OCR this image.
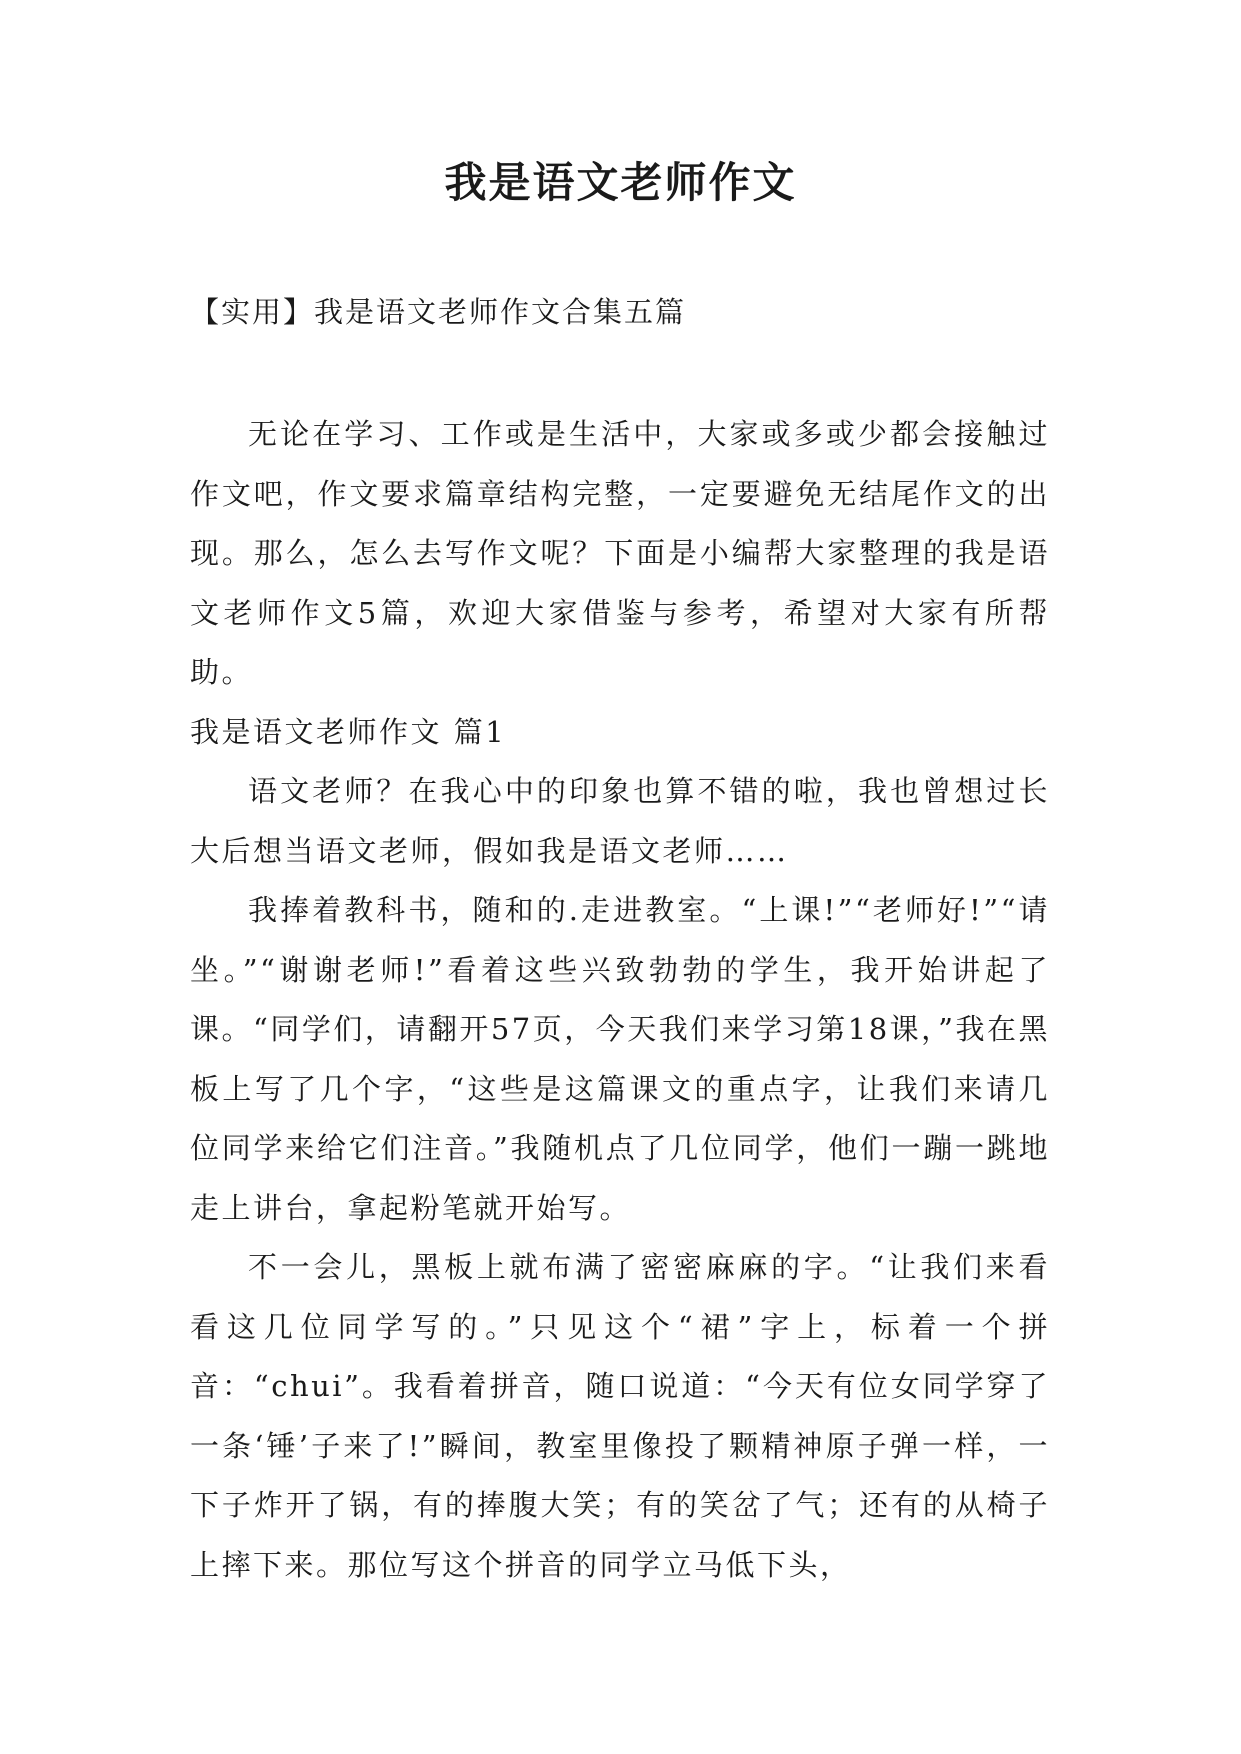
我是语文老师作文
【实用】我是语文老师作文合集五篇

无论在学习、工作或是生活中，大家或多或少都会接触过作文吧，作文要求篇章结构完整，一定要避免无结尾作文的出现。那么，怎么去写作文呢？下面是小编帮大家整理的我是语文老师作文5篇，欢迎大家借鉴与参考，希望对大家有所帮助。

我是语文老师作文 篇1

语文老师？在我心中的印象也算不错的啦，我也曾想过长大后想当语文老师，假如我是语文老师……

我捧着教科书，随和的.走进教室。“上课!”“老师好!”“请坐。”“谢谢老师!”看着这些兴致勃勃的学生，我开始讲起了课。“同学们，请翻开57页，今天我们来学习第18课，”我在黑板上写了几个字，“这些是这篇课文的重点字，让我们来请几位同学来给它们注音。”我随机点了几位同学，他们一蹦一跳地走上讲台，拿起粉笔就开始写。

不一会儿，黑板上就布满了密密麻麻的字。“让我们来看看这几位同学写的。”只见这个“裙”字上，标着一个拼音：“chui”。我看着拼音，随口说道：“今天有位女同学穿了一条‘锤’子来了!”瞬间，教室里像投了颗精神原子弹一样，一下子炸开了锅，有的捧腹大笑；有的笑岔了气；还有的从椅子上摔下来。那位写这个拼音的同学立马低下头，
